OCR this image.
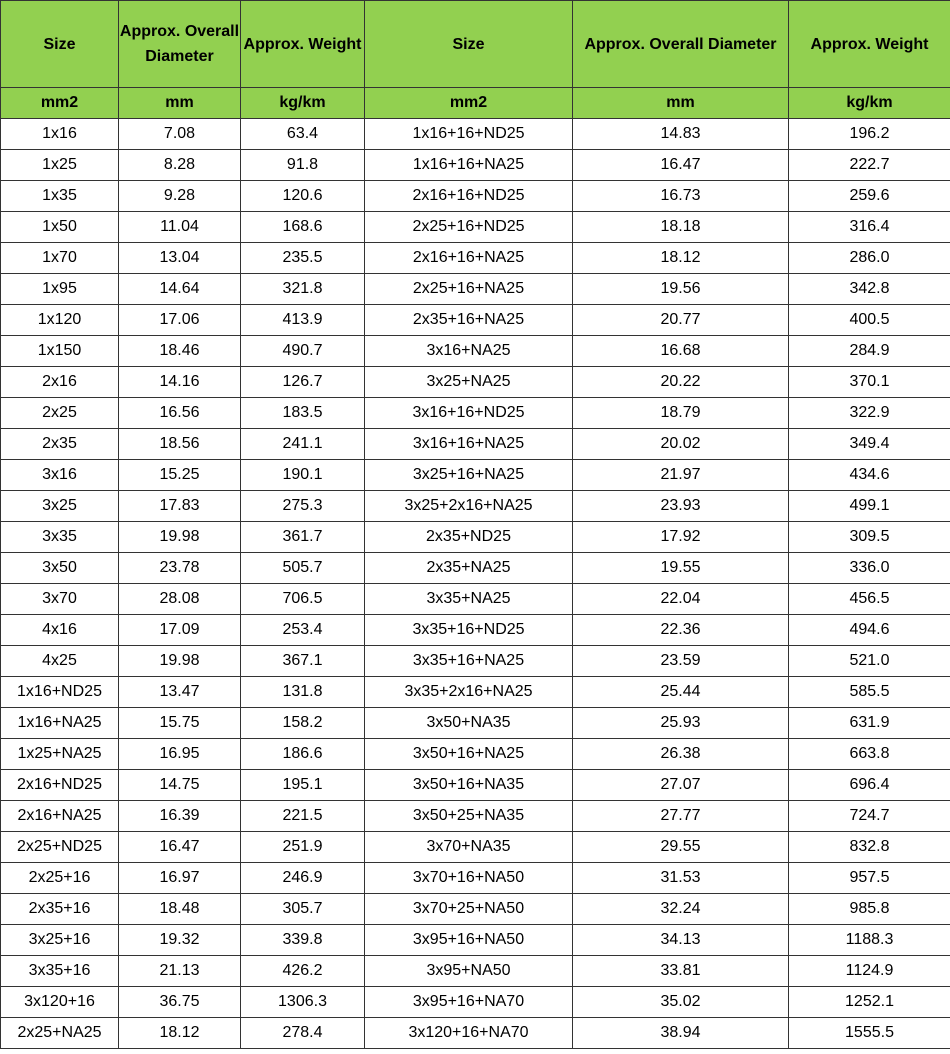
Size	Approx. Overall Diameter	Approx. Weight	Size	Approx. Overall Diameter	Approx. Weight
mm2	mm	kg/km	mm2	mm	kg/km
1x16	7.08	63.4	1x16+16+ND25	14.83	196.2
1x25	8.28	91.8	1x16+16+NA25	16.47	222.7
1x35	9.28	120.6	2x16+16+ND25	16.73	259.6
1x50	11.04	168.6	2x25+16+ND25	18.18	316.4
1x70	13.04	235.5	2x16+16+NA25	18.12	286.0
1x95	14.64	321.8	2x25+16+NA25	19.56	342.8
1x120	17.06	413.9	2x35+16+NA25	20.77	400.5
1x150	18.46	490.7	3x16+NA25	16.68	284.9
2x16	14.16	126.7	3x25+NA25	20.22	370.1
2x25	16.56	183.5	3x16+16+ND25	18.79	322.9
2x35	18.56	241.1	3x16+16+NA25	20.02	349.4
3x16	15.25	190.1	3x25+16+NA25	21.97	434.6
3x25	17.83	275.3	3x25+2x16+NA25	23.93	499.1
3x35	19.98	361.7	2x35+ND25	17.92	309.5
3x50	23.78	505.7	2x35+NA25	19.55	336.0
3x70	28.08	706.5	3x35+NA25	22.04	456.5
4x16	17.09	253.4	3x35+16+ND25	22.36	494.6
4x25	19.98	367.1	3x35+16+NA25	23.59	521.0
1x16+ND25	13.47	131.8	3x35+2x16+NA25	25.44	585.5
1x16+NA25	15.75	158.2	3x50+NA35	25.93	631.9
1x25+NA25	16.95	186.6	3x50+16+NA25	26.38	663.8
2x16+ND25	14.75	195.1	3x50+16+NA35	27.07	696.4
2x16+NA25	16.39	221.5	3x50+25+NA35	27.77	724.7
2x25+ND25	16.47	251.9	3x70+NA35	29.55	832.8
2x25+16	16.97	246.9	3x70+16+NA50	31.53	957.5
2x35+16	18.48	305.7	3x70+25+NA50	32.24	985.8
3x25+16	19.32	339.8	3x95+16+NA50	34.13	1188.3
3x35+16	21.13	426.2	3x95+NA50	33.81	1124.9
3x120+16	36.75	1306.3	3x95+16+NA70	35.02	1252.1
2x25+NA25	18.12	278.4	3x120+16+NA70	38.94	1555.5
